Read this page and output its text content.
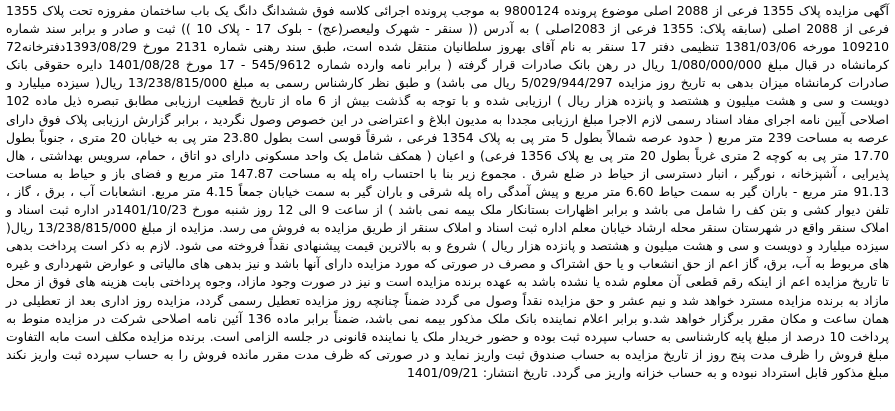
آگهی مزایده پلاک 1355 فرعی از 2088 اصلی موضوع پرونده 9800124 به موجب پرونده اجرائی کلاسه فوق ششدانگ دانگ یک باب ساختمان مفروزه تحت پلاک 1355 فرعی از 2088 اصلی (سابقه پلاک: 1355 فرعی از 2083اصلی ) به آدرس (( سنقر - شهرک ولیعصر(عج) - بلوک 17 - پلاک 10 )) ثبت و صادر و برابر سند شماره 109210 مورخه 1381/03/06 تنظیمی دفتر 17 سنقر به نام آقای بهروز سلطانیان منتقل شده است، طبق سند رهنی شماره 2131 مورخ 1393/08/29دفترخانه72 کرمانشاه در قبال مبلغ 1/080/000/000 ریال در رهن بانک صادرات قرار گرفته ( برابر نامه وارده شماره 545/9612 - 17 مورخ 1401/08/28 دایره حقوقی بانک صادرات کرمانشاه میزان بدهی به تاریخ روز مزایده 5/029/944/297 ریال می باشد) و طبق نظر کارشناس رسمی به مبلغ 13/238/815/000 ریال( سیزده میلیارد و دویست و سی و هشت میلیون و هشتصد و پانزده هزار ریال ) ارزیابی شده و با توجه به گذشت بیش از 6 ماه از تاریخ قطعیت ارزیابی مطابق تبصره ذیل ماده 102 اصلاحی آیین نامه اجرای مفاد اسناد رسمی لازم الاجرا مبلغ ارزیابی مجددا به مدیون ابلاغ و اعتراضی در این خصوص وصول نگردید ، برابر گزارش ارزیابی پلاک فوق دارای عرصه به مساحت 239 متر مربع ( حدود عرصه شمالاً بطول 5 متر پی به پلاک 1354 فرعی ، شرقاً قوسی است بطول 23.80 متر پی به خیابان 20 متری ، جنوباً بطول 17.70 متر پی به کوچه 2 متری غرباً بطول 20 متر پی بع پلاک 1356 فرعی) و اعیان ( همکف شامل یک واحد مسکونی دارای دو اتاق ، حمام، سرویس بهداشتی ، هال پذیرایی ، آشپزخانه ، نورگیر ، انبار دسترسی از حیاط در ضلع شرق . مجموع زیر بنا با احتساب راه پله به مساحت 147.87 متر مربع و فضای باز و حیاط به مساحت 91.13 متر مربع - باران گیر به سمت حیاط 6.60 متر مربع و پیش آمدگی راه پله شرقی و باران گیر به سمت خیابان جمعاً 4.15 متر مربع. انشعابات آب ، برق ، گاز ، تلفن دیوار کشی و بتن کف را شامل می باشد و برابر اظهارات بستانکار ملک بیمه نمی باشد ) از ساعت 9 الی 12 روز شنبه مورخ 1401/10/23در اداره ثبت اسناد و املاک سنقر واقع در شهرستان سنقر محله ارشاد خیابان معلم اداره ثبت اسناد و املاک سنقر از طریق مزایده به فروش می رسد. مزایده از مبلغ 13/238/815/000 ریال( سیزده میلیارد و دویست و سی و هشت میلیون و هشتصد و پانزده هزار ریال ) شروع و به بالاترین قیمت پیشنهادی نقداً فروخته می شود. لازم به ذکر است پرداخت بدهی های مربوط به آب، برق، گاز اعم از حق انشعاب و یا حق اشتراک و مصرف در صورتی که مورد مزایده دارای آنها باشد و نیز بدهی های مالیاتی و عوارض شهرداری و غیره تا تاریخ مزایده اعم از اینکه رقم قطعی آن معلوم شده یا نشده باشد به عهده برنده مزایده است و نیز در صورت وجود مازاد، وجوه پرداختی بابت هزینه های فوق از محل مازاد به برنده مزایده مسترد خواهد شد و نیم عشر و حق مزایده نقداً وصول می گردد ضمناً چنانچه روز مزایده تعطیل رسمی گردد، مزایده روز اداری بعد از تعطیلی در همان ساعت و مکان مقرر برگزار خواهد شد.و برابر اعلام نماینده بانک ملک مذکور بیمه نمی باشد، ضمناً برابر ماده 136 آئین نامه اصلاحی شرکت در مزایده منوط به پرداخت 10 درصد از مبلغ پایه کارشناسی به حساب سپرده ثبت بوده و حضور خریدار ملک یا نماینده قانونی در جلسه الزامی است. برنده مزایده مکلف است مابه التفاوت مبلغ فروش را ظرف مدت پنج روز از تاریخ مزایده به حساب صندوق ثبت واریز نماید و در صورتی که ظرف مدت مقرر مانده فروش را به حساب سپرده ثبت واریز نکند مبلغ مذکور قابل استرداد نبوده و به حساب خزانه واریز می گردد. تاریخ انتشار: 1401/09/21
